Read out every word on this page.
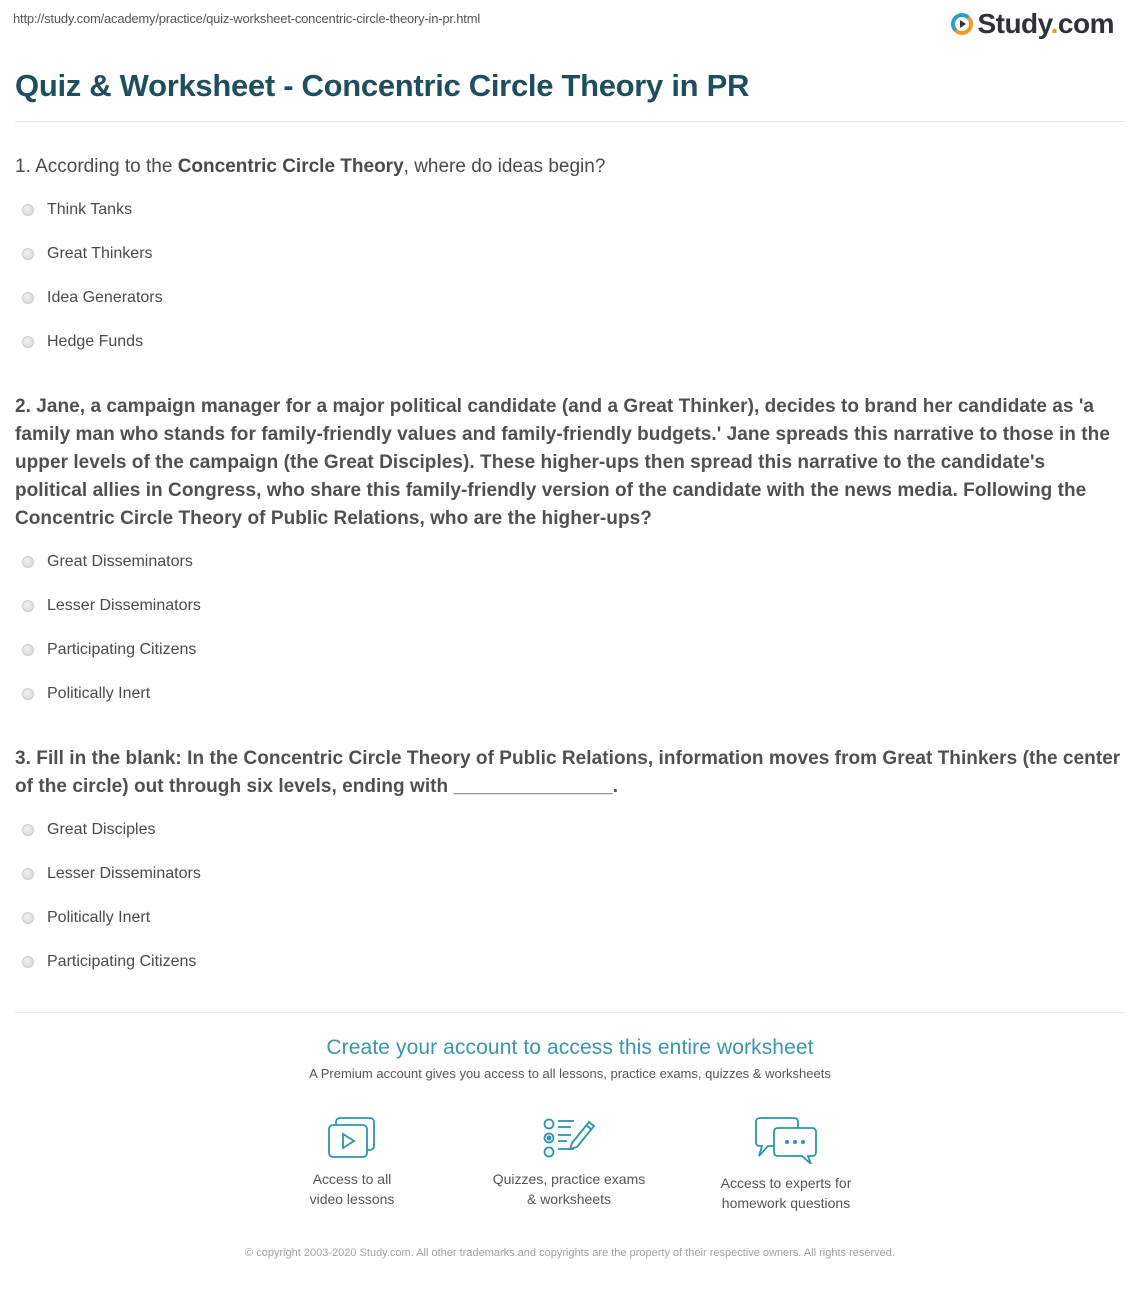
http://study.com/academy/practice/quiz-worksheet-concentric-circle-theory-in-pr.html	Study.com
Quiz & Worksheet - Concentric Circle Theory in PR
1. According to the Concentric Circle Theory, where do ideas begin?
Think Tanks
Great Thinkers
Idea Generators
Hedge Funds
2. Jane, a campaign manager for a major political candidate (and a Great Thinker), decides to brand her candidate as 'a family man who stands for family-friendly values and family-friendly budgets.' Jane spreads this narrative to those in the upper levels of the campaign (the Great Disciples). These higher-ups then spread this narrative to the candidate's political allies in Congress, who share this family-friendly version of the candidate with the news media. Following the Concentric Circle Theory of Public Relations, who are the higher-ups?
Great Disseminators
Lesser Disseminators
Participating Citizens
Politically Inert
3. Fill in the blank: In the Concentric Circle Theory of Public Relations, information moves from Great Thinkers (the center of the circle) out through six levels, ending with _______________.
Great Disciples
Lesser Disseminators
Politically Inert
Participating Citizens
Create your account to access this entire worksheet
A Premium account gives you access to all lessons, practice exams, quizzes & worksheets
Access to all
video lessons
Quizzes, practice exams
& worksheets
Access to experts for
homework questions
© copyright 2003-2020 Study.com. All other trademarks and copyrights are the property of their respective owners. All rights reserved.
